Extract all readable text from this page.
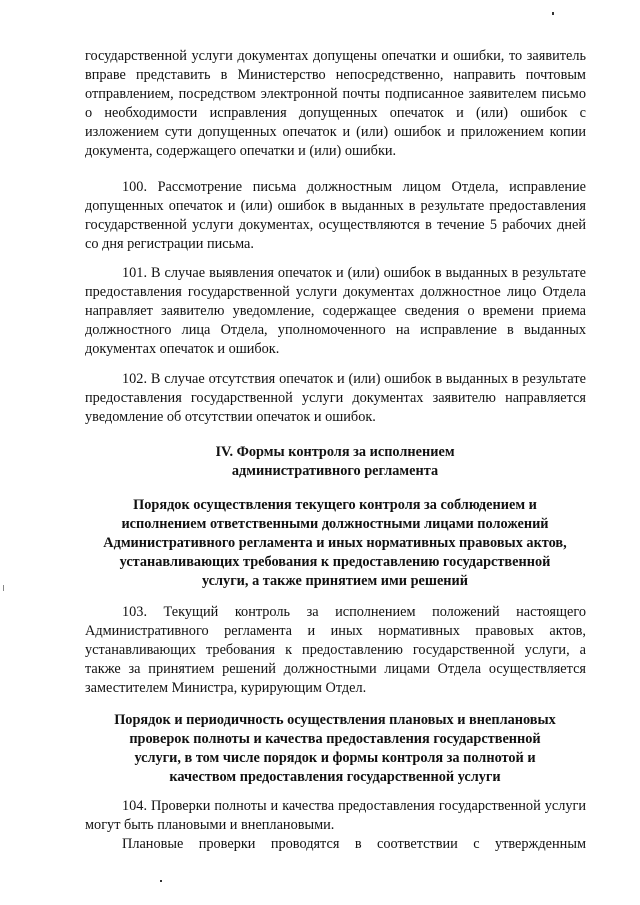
государственной услуги документах допущены опечатки и ошибки, то заявитель вправе представить в Министерство непосредственно, направить почтовым отправлением, посредством электронной почты подписанное заявителем письмо о необходимости исправления допущенных опечаток и (или) ошибок с изложением сути допущенных опечаток и (или) ошибок и приложением копии документа, содержащего опечатки и (или) ошибки.

100. Рассмотрение письма должностным лицом Отдела, исправление допущенных опечаток и (или) ошибок в выданных в результате предоставления государственной услуги документах, осуществляются в течение 5 рабочих дней со дня регистрации письма.

101. В случае выявления опечаток и (или) ошибок в выданных в результате предоставления государственной услуги документах должностное лицо Отдела направляет заявителю уведомление, содержащее сведения о времени приема должностного лица Отдела, уполномоченного на исправление в выданных документах опечаток и ошибок.

102. В случае отсутствия опечаток и (или) ошибок в выданных в результате предоставления государственной услуги документах заявителю направляется уведомление об отсутствии опечаток и ошибок.

IV. Формы контроля за исполнением административного регламента
Порядок осуществления текущего контроля за соблюдением и исполнением ответственными должностными лицами положений Административного регламента и иных нормативных правовых актов, устанавливающих требования к предоставлению государственной услуги, а также принятием ими решений

103. Текущий контроль за исполнением положений настоящего Административного регламента и иных нормативных правовых актов, устанавливающих требования к предоставлению государственной услуги, а также за принятием решений должностными лицами Отдела осуществляется заместителем Министра, курирующим Отдел.

Порядок и периодичность осуществления плановых и внеплановых проверок полноты и качества предоставления государственной услуги, в том числе порядок и формы контроля за полнотой и качеством предоставления государственной услуги

104. Проверки полноты и качества предоставления государственной услуги могут быть плановыми и внеплановыми.

Плановые проверки проводятся в соответствии с утвержденным
